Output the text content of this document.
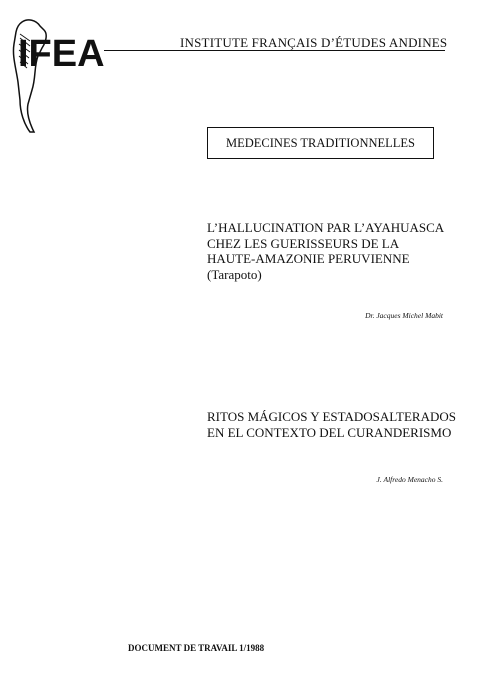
IFEA	INSTITUTE FRANÇAIS D’ÉTUDES ANDINES
MEDECINES TRADITIONNELLES
L’HALLUCINATION PAR L’AYAHUASCA
CHEZ LES GUERISSEURS DE LA
HAUTE-AMAZONIE PERUVIENNE
(Tarapoto)
Dr. Jacques Michel Mabit
RITOS MÁGICOS Y ESTADOSALTERADOS
EN EL CONTEXTO DEL CURANDERISMO
J. Alfredo Menacho S.
DOCUMENT DE TRAVAIL 1/1988
